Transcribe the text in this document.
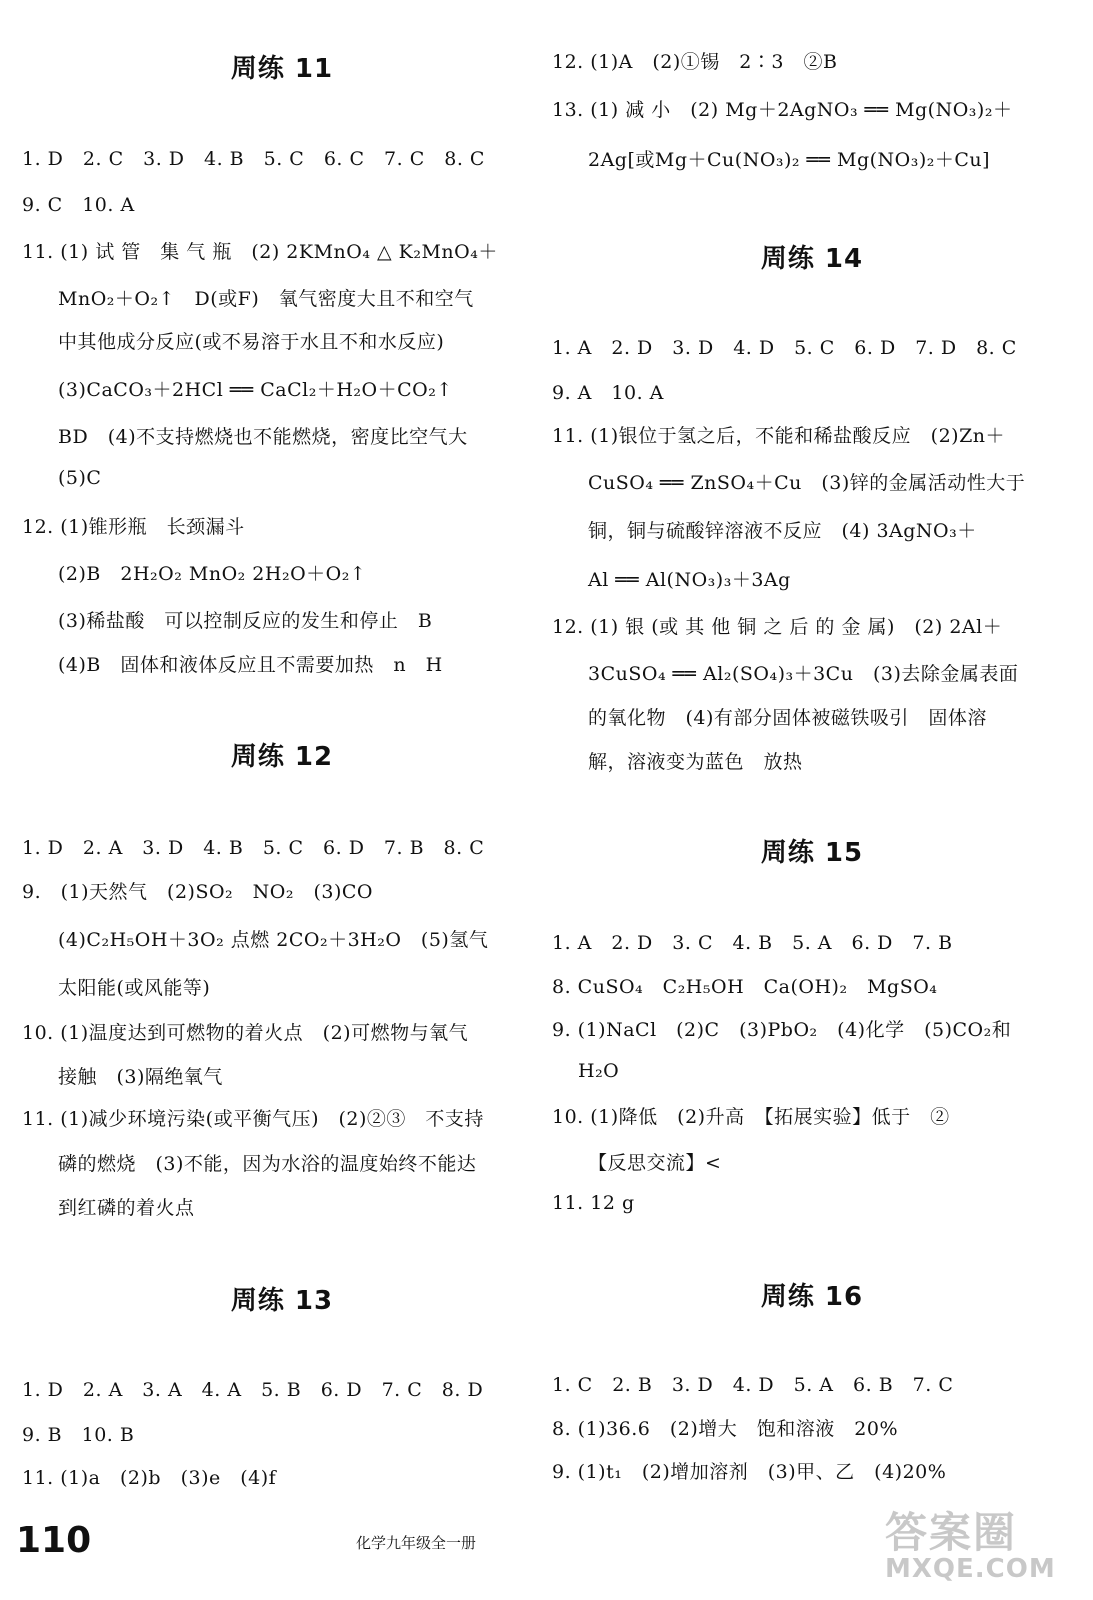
周练 11
1. D　2. C　3. D　4. B　5. C　6. C　7. C　8. C
9. C　10. A
11. (1) 试 管　集 气 瓶　(2) 2KMnO₄ △ K₂MnO₄＋
MnO₂＋O₂↑　D(或F)　氧气密度大且不和空气
中其他成分反应(或不易溶于水且不和水反应)
(3)CaCO₃＋2HCl ══ CaCl₂＋H₂O＋CO₂↑
BD　(4)不支持燃烧也不能燃烧，密度比空气大
(5)C
12. (1)锥形瓶　长颈漏斗
(2)B　2H₂O₂ MnO₂ 2H₂O＋O₂↑
(3)稀盐酸　可以控制反应的发生和停止　B
(4)B　固体和液体反应且不需要加热　n　H
周练 12
1. D　2. A　3. D　4. B　5. C　6. D　7. B　8. C
9.　(1)天然气　(2)SO₂　NO₂　(3)CO
(4)C₂H₅OH＋3O₂ 点燃 2CO₂＋3H₂O　(5)氢气
太阳能(或风能等)
10. (1)温度达到可燃物的着火点　(2)可燃物与氧气
接触　(3)隔绝氧气
11. (1)减少环境污染(或平衡气压)　(2)②③　不支持
磷的燃烧　(3)不能，因为水浴的温度始终不能达
到红磷的着火点
周练 13
1. D　2. A　3. A　4. A　5. B　6. D　7. C　8. D
9. B　10. B
11. (1)a　(2)b　(3)e　(4)f
12. (1)A　(2)①锡　2∶3　②B
13. (1) 减 小　(2) Mg＋2AgNO₃ ══ Mg(NO₃)₂＋
2Ag[或Mg＋Cu(NO₃)₂ ══ Mg(NO₃)₂＋Cu]
周练 14
1. A　2. D　3. D　4. D　5. C　6. D　7. D　8. C
9. A　10. A
11. (1)银位于氢之后，不能和稀盐酸反应　(2)Zn＋
CuSO₄ ══ ZnSO₄＋Cu　(3)锌的金属活动性大于
铜，铜与硫酸锌溶液不反应　(4) 3AgNO₃＋
Al ══ Al(NO₃)₃＋3Ag
12. (1) 银 (或 其 他 铜 之 后 的 金 属)　(2) 2Al＋
3CuSO₄ ══ Al₂(SO₄)₃＋3Cu　(3)去除金属表面
的氧化物　(4)有部分固体被磁铁吸引　固体溶
解，溶液变为蓝色　放热
周练 15
1. A　2. D　3. C　4. B　5. A　6. D　7. B
8. CuSO₄　C₂H₅OH　Ca(OH)₂　MgSO₄
9. (1)NaCl　(2)C　(3)PbO₂　(4)化学　(5)CO₂和
H₂O
10. (1)降低　(2)升高　【拓展实验】低于　②
【反思交流】<
11. 12 g
周练 16
1. C　2. B　3. D　4. D　5. A　6. B　7. C
8. (1)36.6　(2)增大　饱和溶液　20%
9. (1)t₁　(2)增加溶剂　(3)甲、乙　(4)20%
110	化学九年级全一册	答案圈
MXQE.COM
